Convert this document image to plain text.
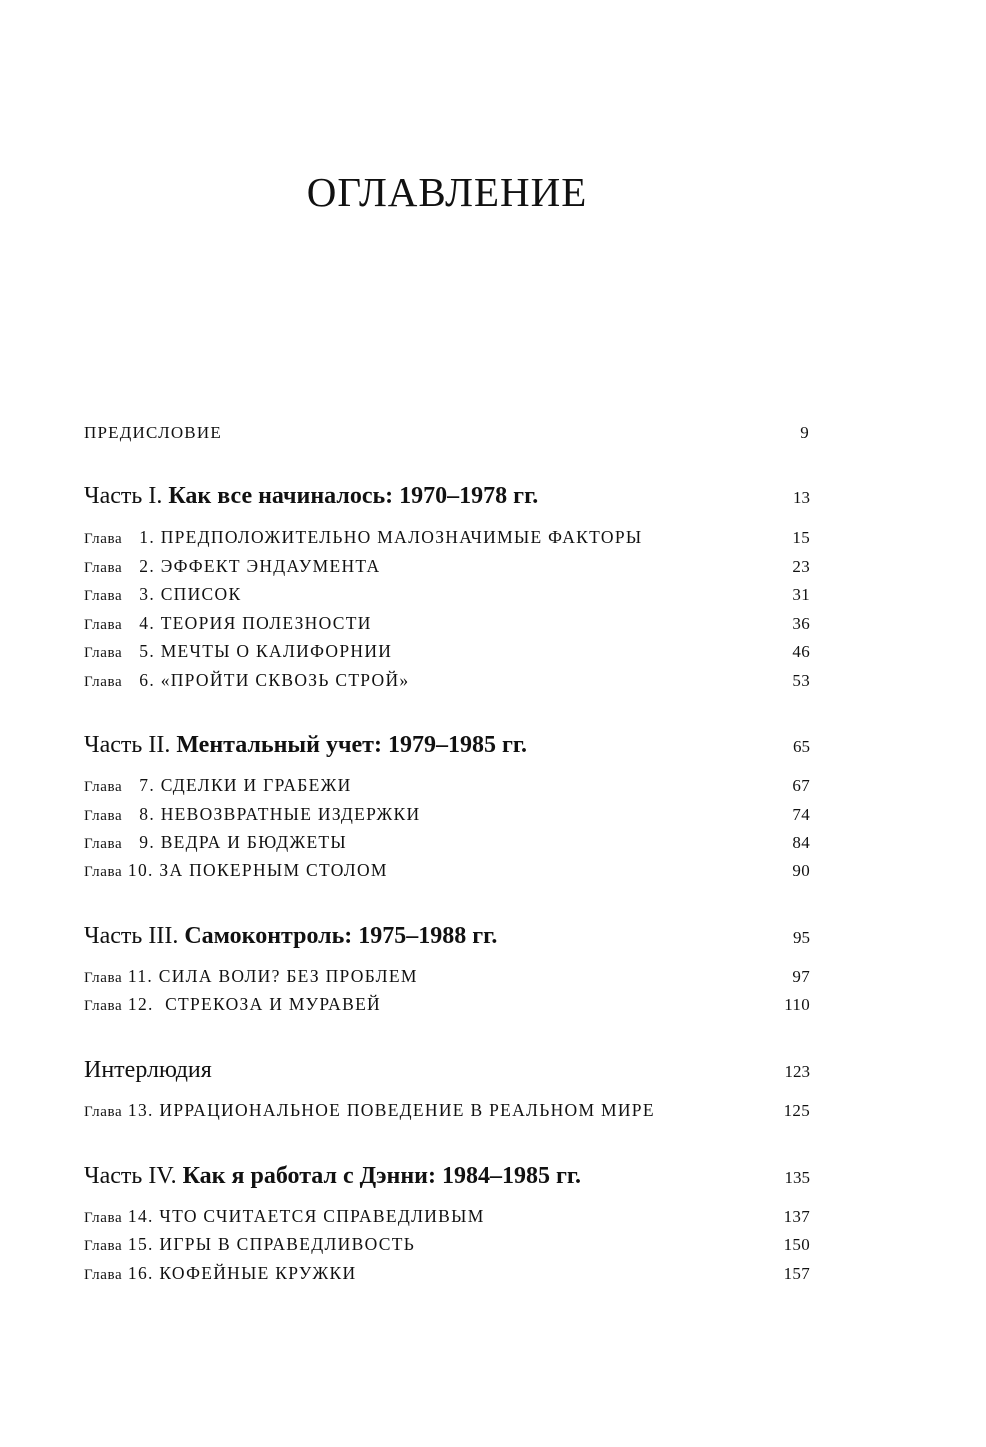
ОГЛАВЛЕНИЕ
ПРЕДИСЛОВИЕ	9
Часть I. Как все начиналось: 1970–1978 гг.	13
Глава 1. ПРЕДПОЛОЖИТЕЛЬНО МАЛОЗНАЧИМЫЕ ФАКТОРЫ	15
Глава 2. ЭФФЕКТ ЭНДАУМЕНТА	23
Глава 3. СПИСОК	31
Глава 4. ТЕОРИЯ ПОЛЕЗНОСТИ	36
Глава 5. МЕЧТЫ О КАЛИФОРНИИ	46
Глава 6. «ПРОЙТИ СКВОЗЬ СТРОЙ»	53
Часть II. Ментальный учет: 1979–1985 гг.	65
Глава 7. СДЕЛКИ И ГРАБЕЖИ	67
Глава 8. НЕВОЗВРАТНЫЕ ИЗДЕРЖКИ	74
Глава 9. ВЕДРА И БЮДЖЕТЫ	84
Глава 10. ЗА ПОКЕРНЫМ СТОЛОМ	90
Часть III. Самоконтроль: 1975–1988 гг.	95
Глава 11. СИЛА ВОЛИ? БЕЗ ПРОБЛЕМ	97
Глава 12. СТРЕКОЗА И МУРАВЕЙ	110
Интерлюдия	123
Глава 13. ИРРАЦИОНАЛЬНОЕ ПОВЕДЕНИЕ В РЕАЛЬНОМ МИРЕ	125
Часть IV. Как я работал с Дэнни: 1984–1985 гг.	135
Глава 14. ЧТО СЧИТАЕТСЯ СПРАВЕДЛИВЫМ	137
Глава 15. ИГРЫ В СПРАВЕДЛИВОСТЬ	150
Глава 16. КОФЕЙНЫЕ КРУЖКИ	157
